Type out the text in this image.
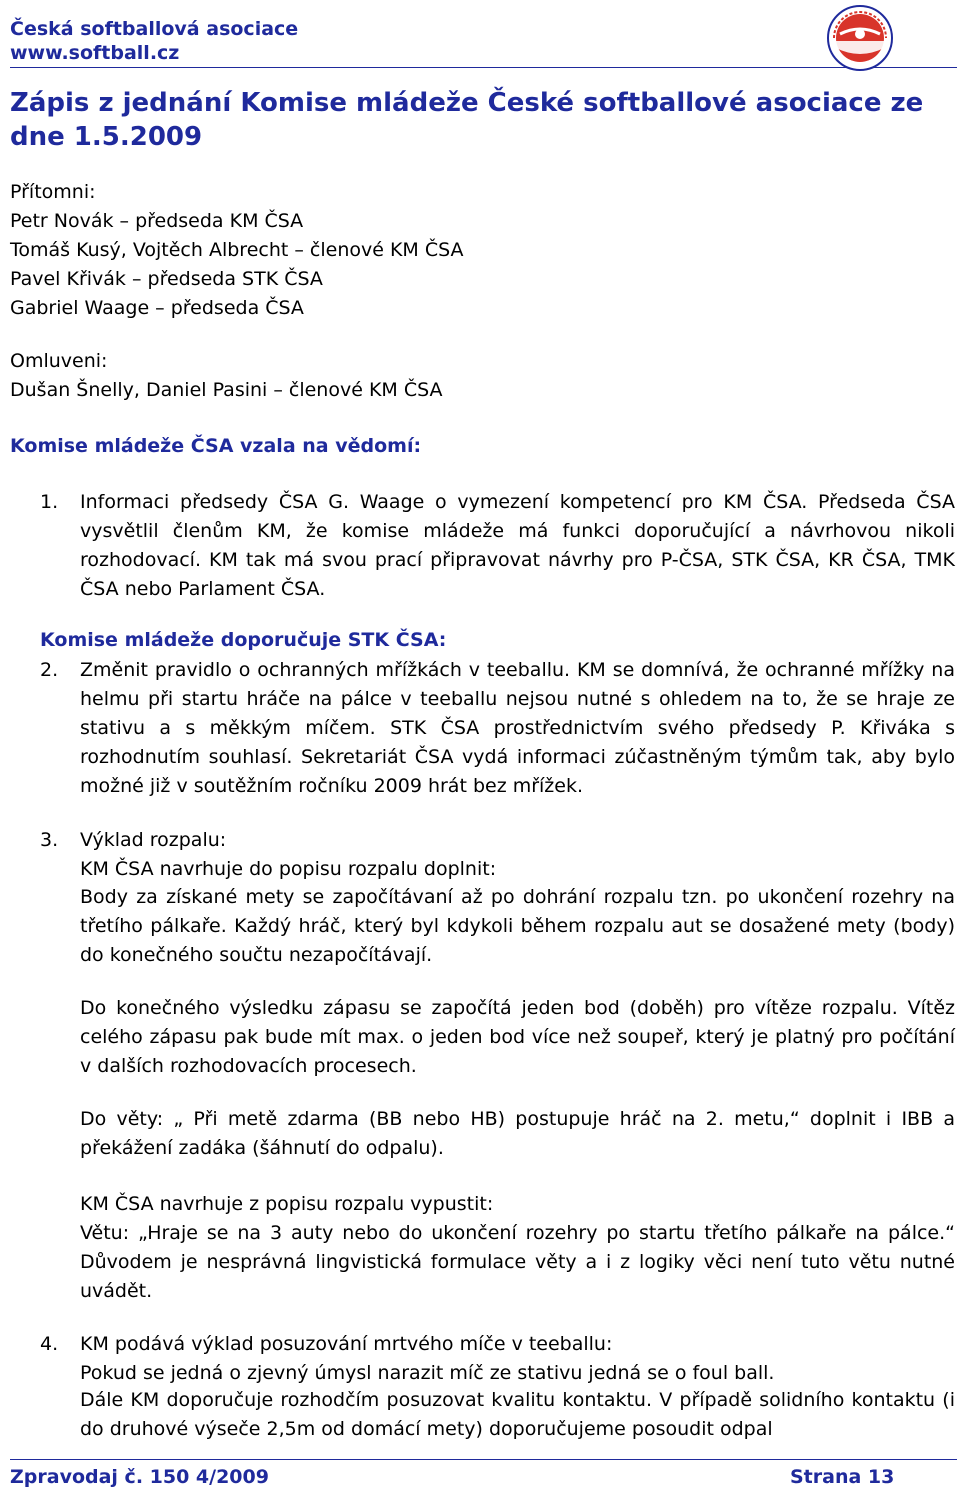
Česká softballová asociace
www.softball.cz
Zápis z jednání Komise mládeže České softballové asociace ze dne 1.5.2009
Přítomni:
Petr Novák – předseda KM ČSA
Tomáš Kusý, Vojtěch Albrecht – členové KM ČSA
Pavel Křivák – předseda STK ČSA
Gabriel Waage – předseda ČSA
Omluveni:
Dušan Šnelly, Daniel Pasini – členové KM ČSA
Komise mládeže ČSA vzala na vědomí:
1. Informaci předsedy ČSA G. Waage o vymezení kompetencí pro KM ČSA. Předseda ČSA vysvětlil členům KM, že komise mládeže má funkci doporučující a návrhovou nikoli rozhodovací. KM tak má svou prací připravovat návrhy pro P-ČSA, STK ČSA, KR ČSA, TMK ČSA nebo Parlament ČSA.
Komise mládeže doporučuje STK ČSA:
2. Změnit pravidlo o ochranných mřížkách v teeballu. KM se domnívá, že ochranné mřížky na helmu při startu hráče na pálce v teeballu nejsou nutné s ohledem na to, že se hraje ze stativu a s měkkým míčem. STK ČSA prostřednictvím svého předsedy P. Křiváka s rozhodnutím souhlasí. Sekretariát ČSA vydá informaci zúčastněným týmům tak, aby bylo možné již v soutěžním ročníku 2009 hrát bez mřížek.
3. Výklad rozpalu:
KM ČSA navrhuje do popisu rozpalu doplnit:
Body za získané mety se započítávaní až po dohrání rozpalu tzn. po ukončení rozehry na třetího pálkaře. Každý hráč, který byl kdykoli během rozpalu aut se dosažené mety (body) do konečného součtu nezapočítávají.
Do konečného výsledku zápasu se započítá jeden bod (doběh) pro vítěze rozpalu. Vítěz celého zápasu pak bude mít max. o jeden bod více než soupeř, který je platný pro počítání v dalších rozhodovacích procesech.
Do věty: „ Při metě zdarma (BB nebo HB) postupuje hráč na 2. metu,“ doplnit i IBB a překážení zadáka (šáhnutí do odpalu).
KM ČSA navrhuje z popisu rozpalu vypustit:
Větu: „Hraje se na 3 auty nebo do ukončení rozehry po startu třetího pálkaře na pálce.“ Důvodem je nesprávná lingvistická formulace věty a i z logiky věci není tuto větu nutné uvádět.
4. KM podává výklad posuzování mrtvého míče v teeballu:
Pokud se jedná o zjevný úmysl narazit míč ze stativu jedná se o foul ball.
Dále KM doporučuje rozhodčím posuzovat kvalitu kontaktu. V případě solidního kontaktu (i do druhové výseče 2,5m od domácí mety) doporučujeme posoudit odpal
Zpravodaj č. 150 4/2009	Strana 13
